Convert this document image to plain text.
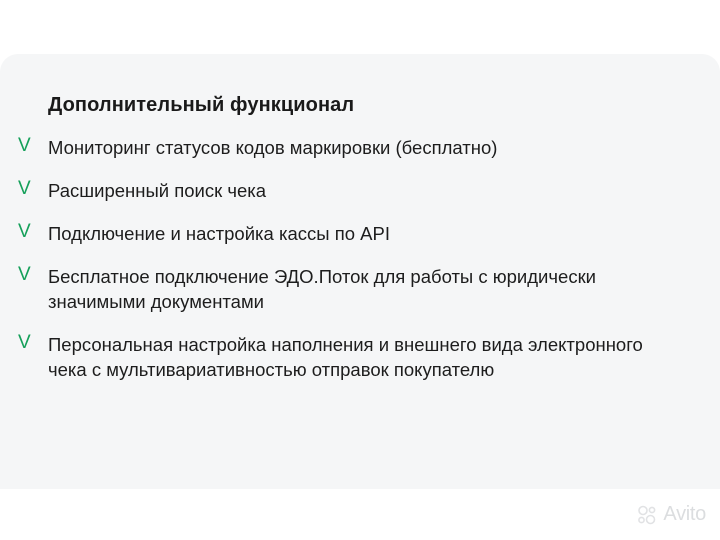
Дополнительный функционал
V Мониторинг статусов кодов маркировки (бесплатно)
V Расширенный поиск чека
V Подключение и настройка кассы по API
V Бесплатное подключение ЭДО.Поток для работы с юридически значимыми документами
V Персональная настройка наполнения и внешнего вида электронного чека с мультивариативностью отправок покупателю
Avito
